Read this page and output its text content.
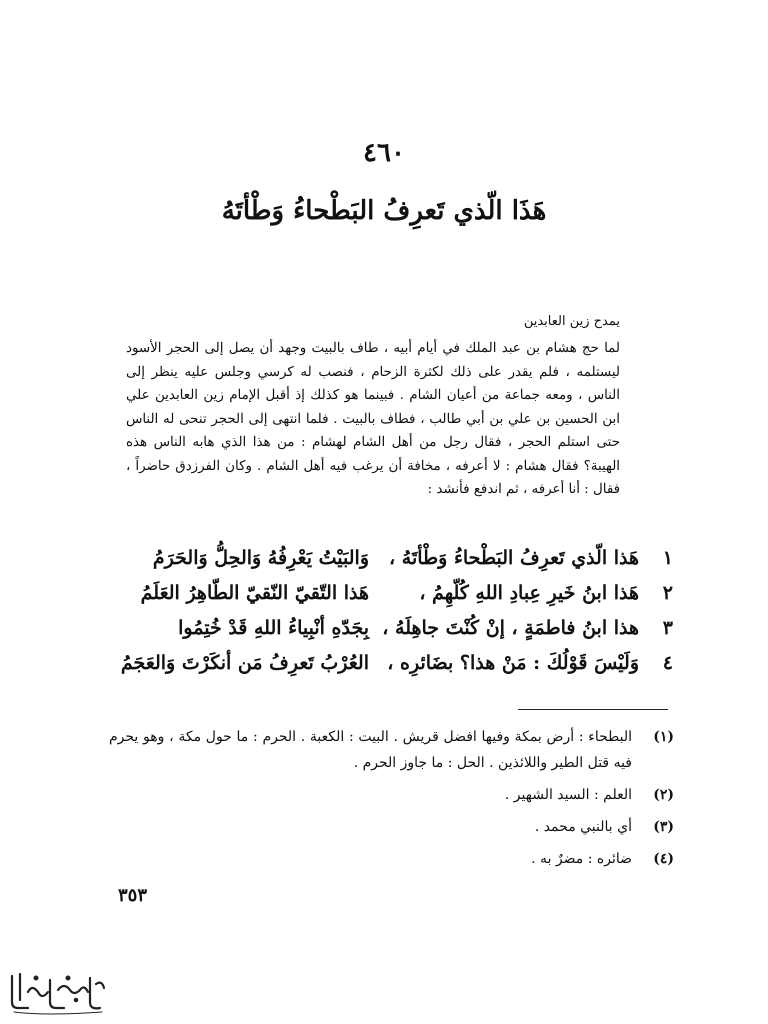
٤٦٠
هَذَا الّذي تَعرِفُ البَطْحاءُ وَطْأتَهُ
يمدح زين العابدين

لما حج هشام بن عبد الملك في أيام أبيه ، طاف بالبيت وجهد أن يصل إلى الحجر الأسود ليستلمه ، فلم يقدر على ذلك لكثرة الزحام ، فنصب له كرسي وجلس عليه ينظر إلى الناس ، ومعه جماعة من أعيان الشام . فبينما هو كذلك إذ أقبل الإمام زين العابدين علي ابن الحسين بن علي بن أبي طالب ، فطاف بالبيت . فلما انتهى إلى الحجر تنحى له الناس حتى استلم الحجر ، فقال رجل من أهل الشام لهشام : من هذا الذي هابه الناس هذه الهيبة؟ فقال هشام : لا أعرفه ، مخافة أن يرغب فيه أهل الشام . وكان الفرزدق حاضراً ، فقال : أنا أعرفه ، ثم اندفع فأنشد :

١
هَذا الّذي تَعرِفُ البَطْحاءُ وَطْأتَهُ ،
وَالبَيْتُ يَعْرِفُهُ وَالحِلُّ وَالحَرَمُ
٢
هَذا ابنُ خَيرِ عِبادِ اللهِ كُلّهِمُ ،
هَذا التّقيّ النّقيّ الطّاهِرُ العَلَمُ
٣
هذا ابنُ فاطمَةٍ ، إنْ كُنْتَ جاهِلَهُ ،
بِجَدّهِ أنْبِياءُ اللهِ قَدْ خُتِمُوا
٤
وَلَيْسَ قَوْلُكَ : مَنْ هذا؟ بضَائرِه ،
العُرْبُ تَعرِفُ مَن أنكَرْتَ وَالعَجَمُ
(١)
البطحاء : أرض بمكة وفيها افضل قريش . البيت : الكعبة . الحرم : ما حول مكة ، وهو يحرم فيه قتل الطير واللائذين . الحل : ما جاوز الحرم .
(٢)
العلم : السيد الشهير .
(٣)
أي بالنبي محمد .
(٤)
ضائره : مضرٌ به .
٣٥٣
